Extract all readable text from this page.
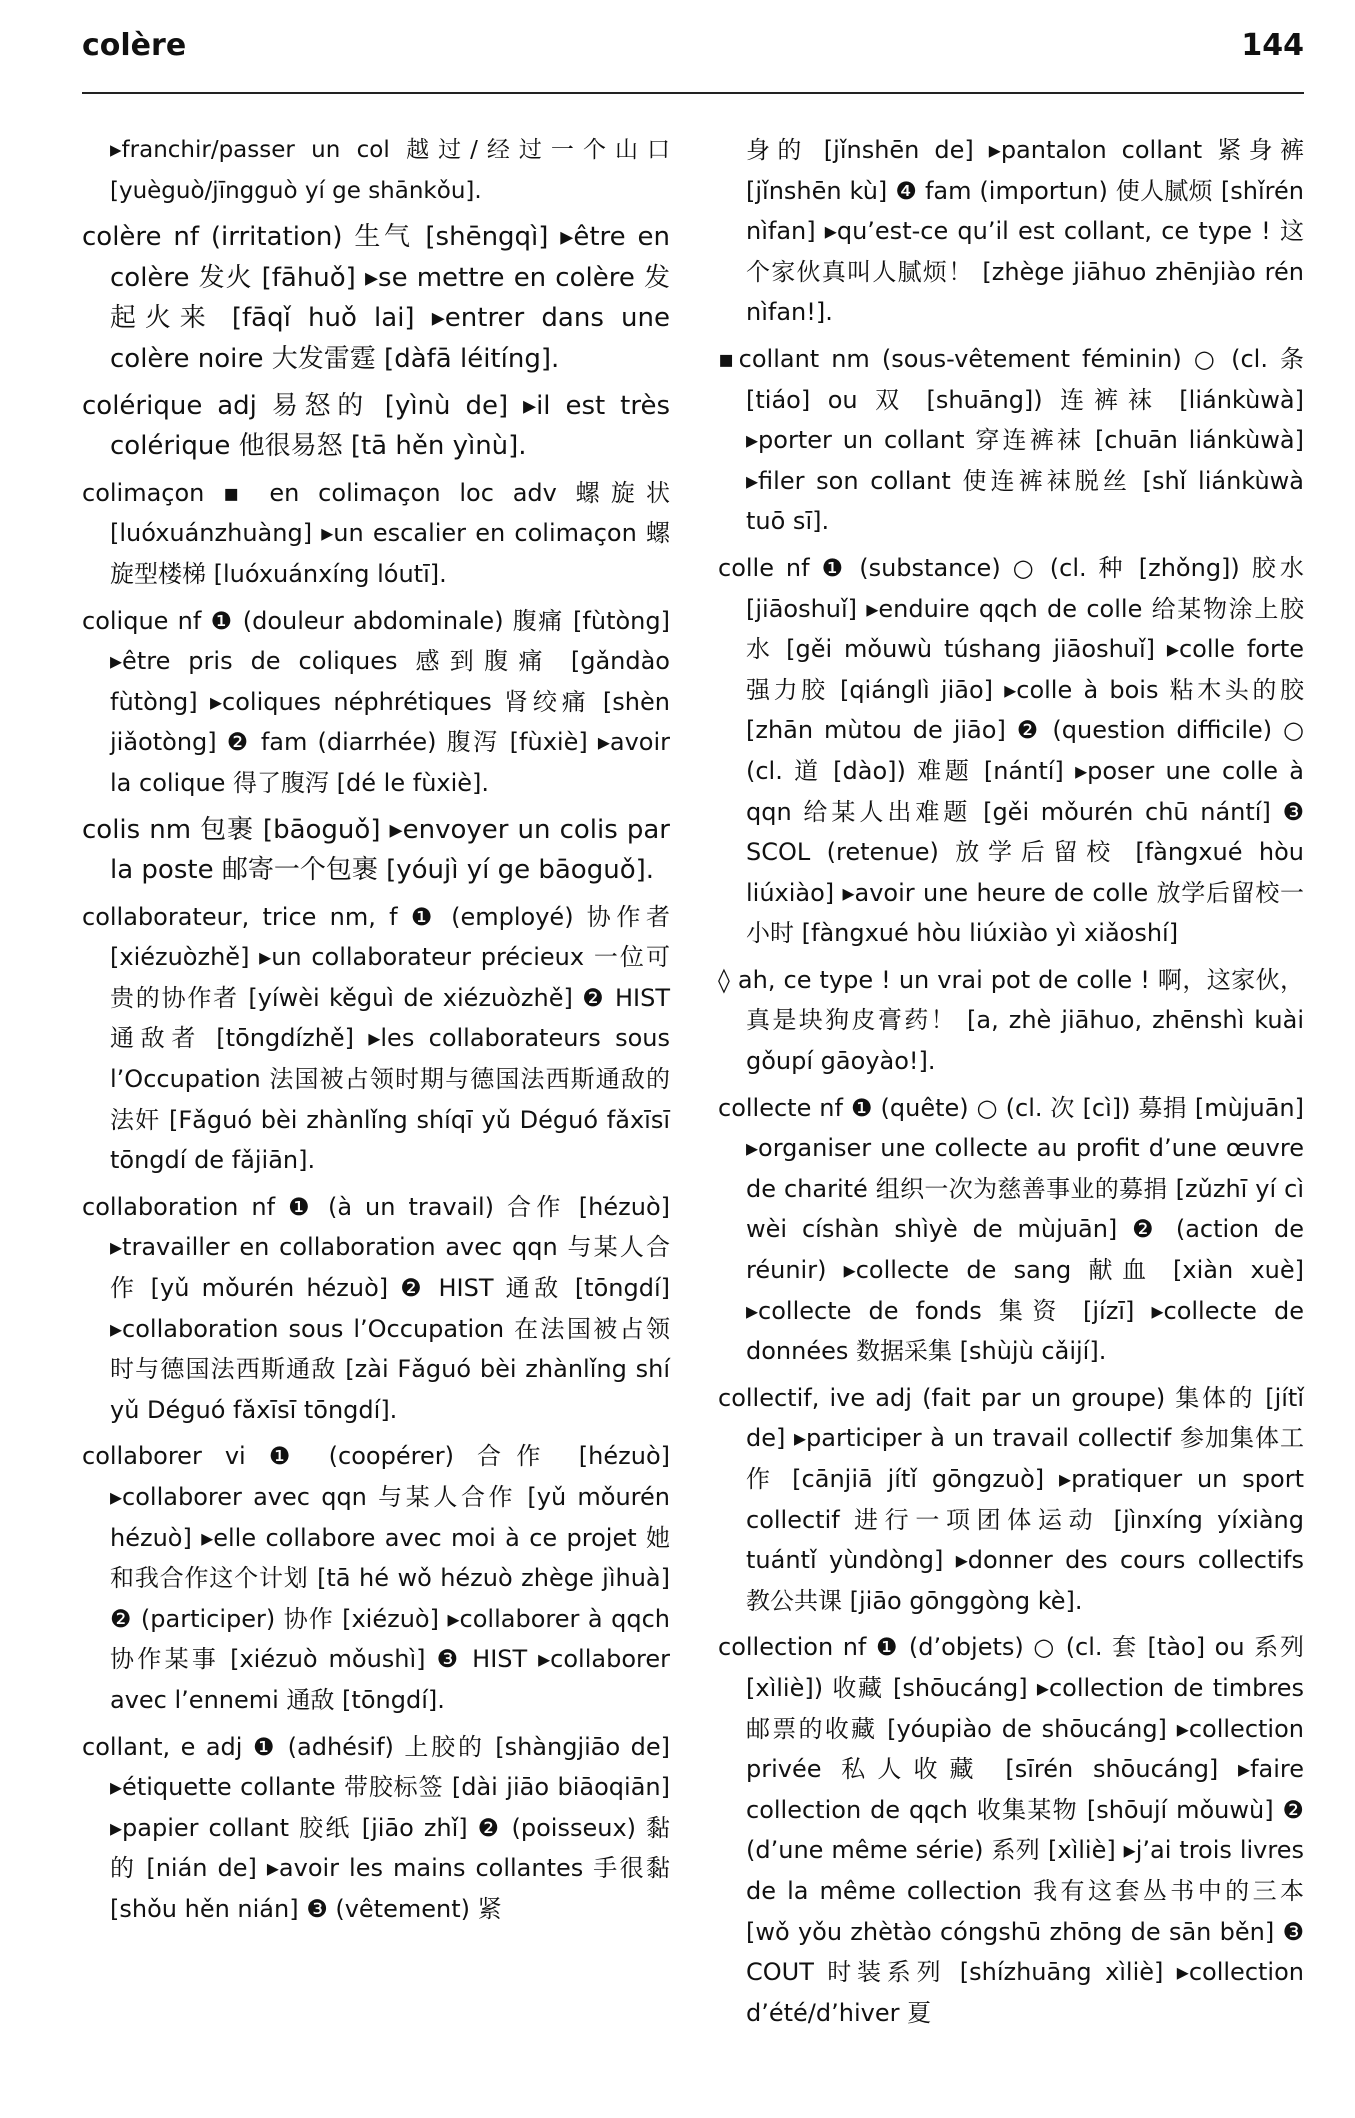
colère	144

▸franchir/passer un col 越过/经过一个山口 [yuèguò/jīngguò yí ge shānkǒu].

colère nf (irritation) 生气 [shēngqì] ▸être en colère 发火 [fāhuǒ] ▸se mettre en colère 发起火来 [fāqǐ huǒ lai] ▸entrer dans une colère noire 大发雷霆 [dàfā léitíng].

colérique adj 易怒的 [yìnù de] ▸il est très colérique 他很易怒 [tā hěn yìnù].

colimaçon ▪ en colimaçon loc adv 螺旋状 [luóxuánzhuàng] ▸un escalier en colimaçon 螺旋型楼梯 [luóxuánxíng lóutī].

colique nf ❶ (douleur abdominale) 腹痛 [fùtòng] ▸être pris de coliques 感到腹痛 [gǎndào fùtòng] ▸coliques néphrétiques 肾绞痛 [shèn jiǎotòng] ❷ fam (diarrhée) 腹泻 [fùxiè] ▸avoir la colique 得了腹泻 [dé le fùxiè].

colis nm 包裹 [bāoguǒ] ▸envoyer un colis par la poste 邮寄一个包裹 [yóujì yí ge bāoguǒ].

collaborateur, trice nm, f ❶ (employé) 协作者 [xiézuòzhě] ▸un collaborateur précieux 一位可贵的协作者 [yíwèi kěguì de xiézuòzhě] ❷ HIST 通敌者 [tōngdízhě] ▸les collaborateurs sous l’Occupation 法国被占领时期与德国法西斯通敌的法奸 [Fǎguó bèi zhànlǐng shíqī yǔ Déguó fǎxīsī tōngdí de fǎjiān].

collaboration nf ❶ (à un travail) 合作 [hézuò] ▸travailler en collaboration avec qqn 与某人合作 [yǔ mǒurén hézuò] ❷ HIST 通敌 [tōngdí] ▸collaboration sous l’Occupation 在法国被占领时与德国法西斯通敌 [zài Fǎguó bèi zhànlǐng shí yǔ Déguó fǎxīsī tōngdí].

collaborer vi ❶ (coopérer) 合作 [hézuò] ▸collaborer avec qqn 与某人合作 [yǔ mǒurén hézuò] ▸elle collabore avec moi à ce projet 她和我合作这个计划 [tā hé wǒ hézuò zhège jìhuà] ❷ (participer) 协作 [xiézuò] ▸collaborer à qqch 协作某事 [xiézuò mǒushì] ❸ HIST ▸collaborer avec l’ennemi 通敌 [tōngdí].

collant, e adj ❶ (adhésif) 上胶的 [shàngjiāo de] ▸étiquette collante 带胶标签 [dài jiāo biāoqiān] ▸papier collant 胶纸 [jiāo zhǐ] ❷ (poisseux) 黏的 [nián de] ▸avoir les mains collantes 手很黏 [shǒu hěn nián] ❸ (vêtement) 紧

身的 [jǐnshēn de] ▸pantalon collant 紧身裤 [jǐnshēn kù] ❹ fam (importun) 使人腻烦 [shǐrén nìfan] ▸qu’est-ce qu’il est collant, ce type ! 这个家伙真叫人腻烦！ [zhège jiāhuo zhēnjiào rén nìfan!].

▪collant nm (sous-vêtement féminin) ○ (cl. 条 [tiáo] ou 双 [shuāng]) 连裤袜 [liánkùwà] ▸porter un collant 穿连裤袜 [chuān liánkùwà] ▸filer son collant 使连裤袜脱丝 [shǐ liánkùwà tuō sī].

colle nf ❶ (substance) ○ (cl. 种 [zhǒng]) 胶水 [jiāoshuǐ] ▸enduire qqch de colle 给某物涂上胶水 [gěi mǒuwù túshang jiāoshuǐ] ▸colle forte 强力胶 [qiánglì jiāo] ▸colle à bois 粘木头的胶 [zhān mùtou de jiāo] ❷ (question difficile) ○ (cl. 道 [dào]) 难题 [nántí] ▸poser une colle à qqn 给某人出难题 [gěi mǒurén chū nántí] ❸ SCOL (retenue) 放学后留校 [fàngxué hòu liúxiào] ▸avoir une heure de colle 放学后留校一小时 [fàngxué hòu liúxiào yì xiǎoshí]

◊ ah, ce type ! un vrai pot de colle ! 啊，这家伙，真是块狗皮膏药！ [a, zhè jiāhuo, zhēnshì kuài gǒupí gāoyào!].

collecte nf ❶ (quête) ○ (cl. 次 [cì]) 募捐 [mùjuān] ▸organiser une collecte au profit d’une œuvre de charité 组织一次为慈善事业的募捐 [zǔzhī yí cì wèi císhàn shìyè de mùjuān] ❷ (action de réunir) ▸collecte de sang 献血 [xiàn xuè] ▸collecte de fonds 集资 [jízī] ▸collecte de données 数据采集 [shùjù cǎijí].

collectif, ive adj (fait par un groupe) 集体的 [jítǐ de] ▸participer à un travail collectif 参加集体工作 [cānjiā jítǐ gōngzuò] ▸pratiquer un sport collectif 进行一项团体运动 [jìnxíng yíxiàng tuántǐ yùndòng] ▸donner des cours collectifs 教公共课 [jiāo gōnggòng kè].

collection nf ❶ (d’objets) ○ (cl. 套 [tào] ou 系列 [xìliè]) 收藏 [shōucáng] ▸collection de timbres 邮票的收藏 [yóupiào de shōucáng] ▸collection privée 私人收藏 [sīrén shōucáng] ▸faire collection de qqch 收集某物 [shōují mǒuwù] ❷ (d’une même série) 系列 [xìliè] ▸j’ai trois livres de la même collection 我有这套丛书中的三本 [wǒ yǒu zhètào cóngshū zhōng de sān běn] ❸ COUT 时装系列 [shízhuāng xìliè] ▸collection d’été/d’hiver 夏
